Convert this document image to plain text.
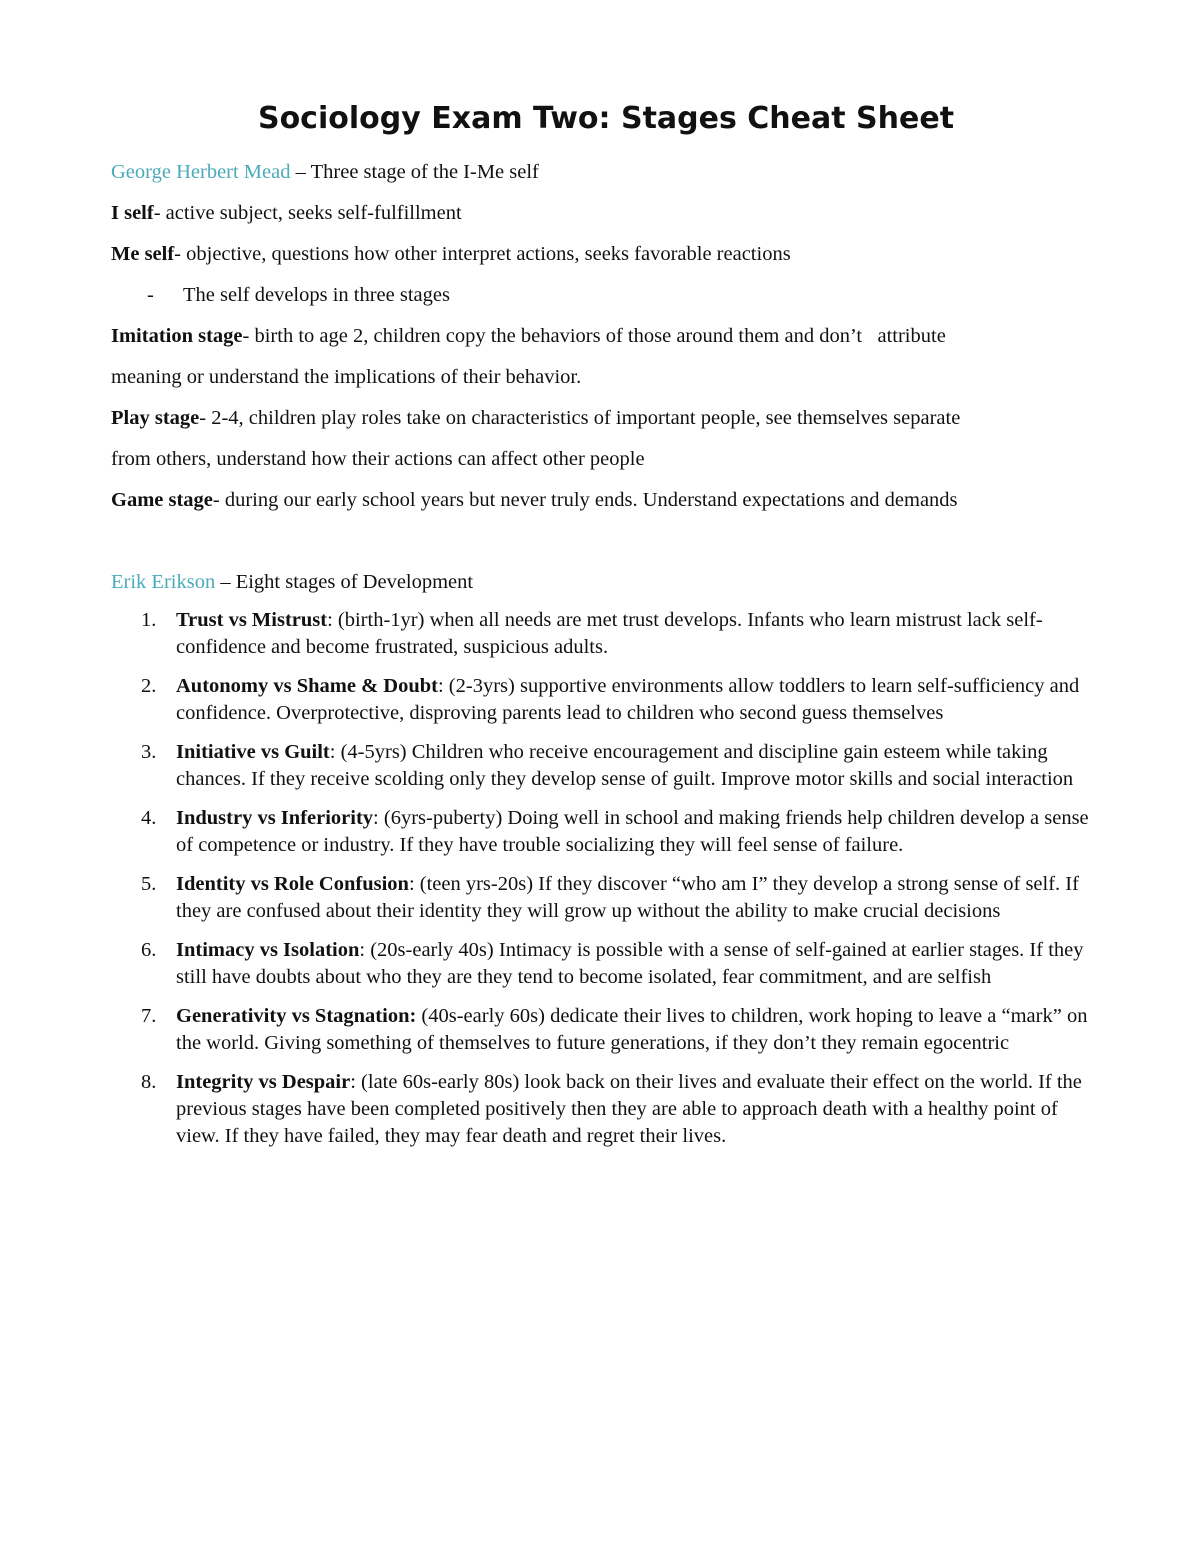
Sociology Exam Two: Stages Cheat Sheet

George Herbert Mead – Three stage of the I-Me self

I self- active subject, seeks self-fulfillment

Me self- objective, questions how other interpret actions, seeks favorable reactions

- The self develops in three stages

Imitation stage- birth to age 2, children copy the behaviors of those around them and don’t   attribute

meaning or understand the implications of their behavior.

Play stage- 2-4, children play roles take on characteristics of important people, see themselves separate

from others, understand how their actions can affect other people

Game stage- during our early school years but never truly ends. Understand expectations and demands

Erik Erikson – Eight stages of Development

1. Trust vs Mistrust: (birth-1yr) when all needs are met trust develops. Infants who learn mistrust lack self-confidence and become frustrated, suspicious adults.
2. Autonomy vs Shame & Doubt: (2-3yrs) supportive environments allow toddlers to learn self-sufficiency and confidence. Overprotective, disproving parents lead to children who second guess themselves
3. Initiative vs Guilt: (4-5yrs) Children who receive encouragement and discipline gain esteem while taking chances. If they receive scolding only they develop sense of guilt. Improve motor skills and social interaction
4. Industry vs Inferiority: (6yrs-puberty) Doing well in school and making friends help children develop a sense of competence or industry. If they have trouble socializing they will feel sense of failure.
5. Identity vs Role Confusion: (teen yrs-20s) If they discover “who am I” they develop a strong sense of self. If they are confused about their identity they will grow up without the ability to make crucial decisions
6. Intimacy vs Isolation: (20s-early 40s) Intimacy is possible with a sense of self-gained at earlier stages. If they still have doubts about who they are they tend to become isolated, fear commitment, and are selfish
7. Generativity vs Stagnation: (40s-early 60s) dedicate their lives to children, work hoping to leave a “mark” on the world. Giving something of themselves to future generations, if they don’t they remain egocentric
8. Integrity vs Despair: (late 60s-early 80s) look back on their lives and evaluate their effect on the world. If the previous stages have been completed positively then they are able to approach death with a healthy point of view. If they have failed, they may fear death and regret their lives.
